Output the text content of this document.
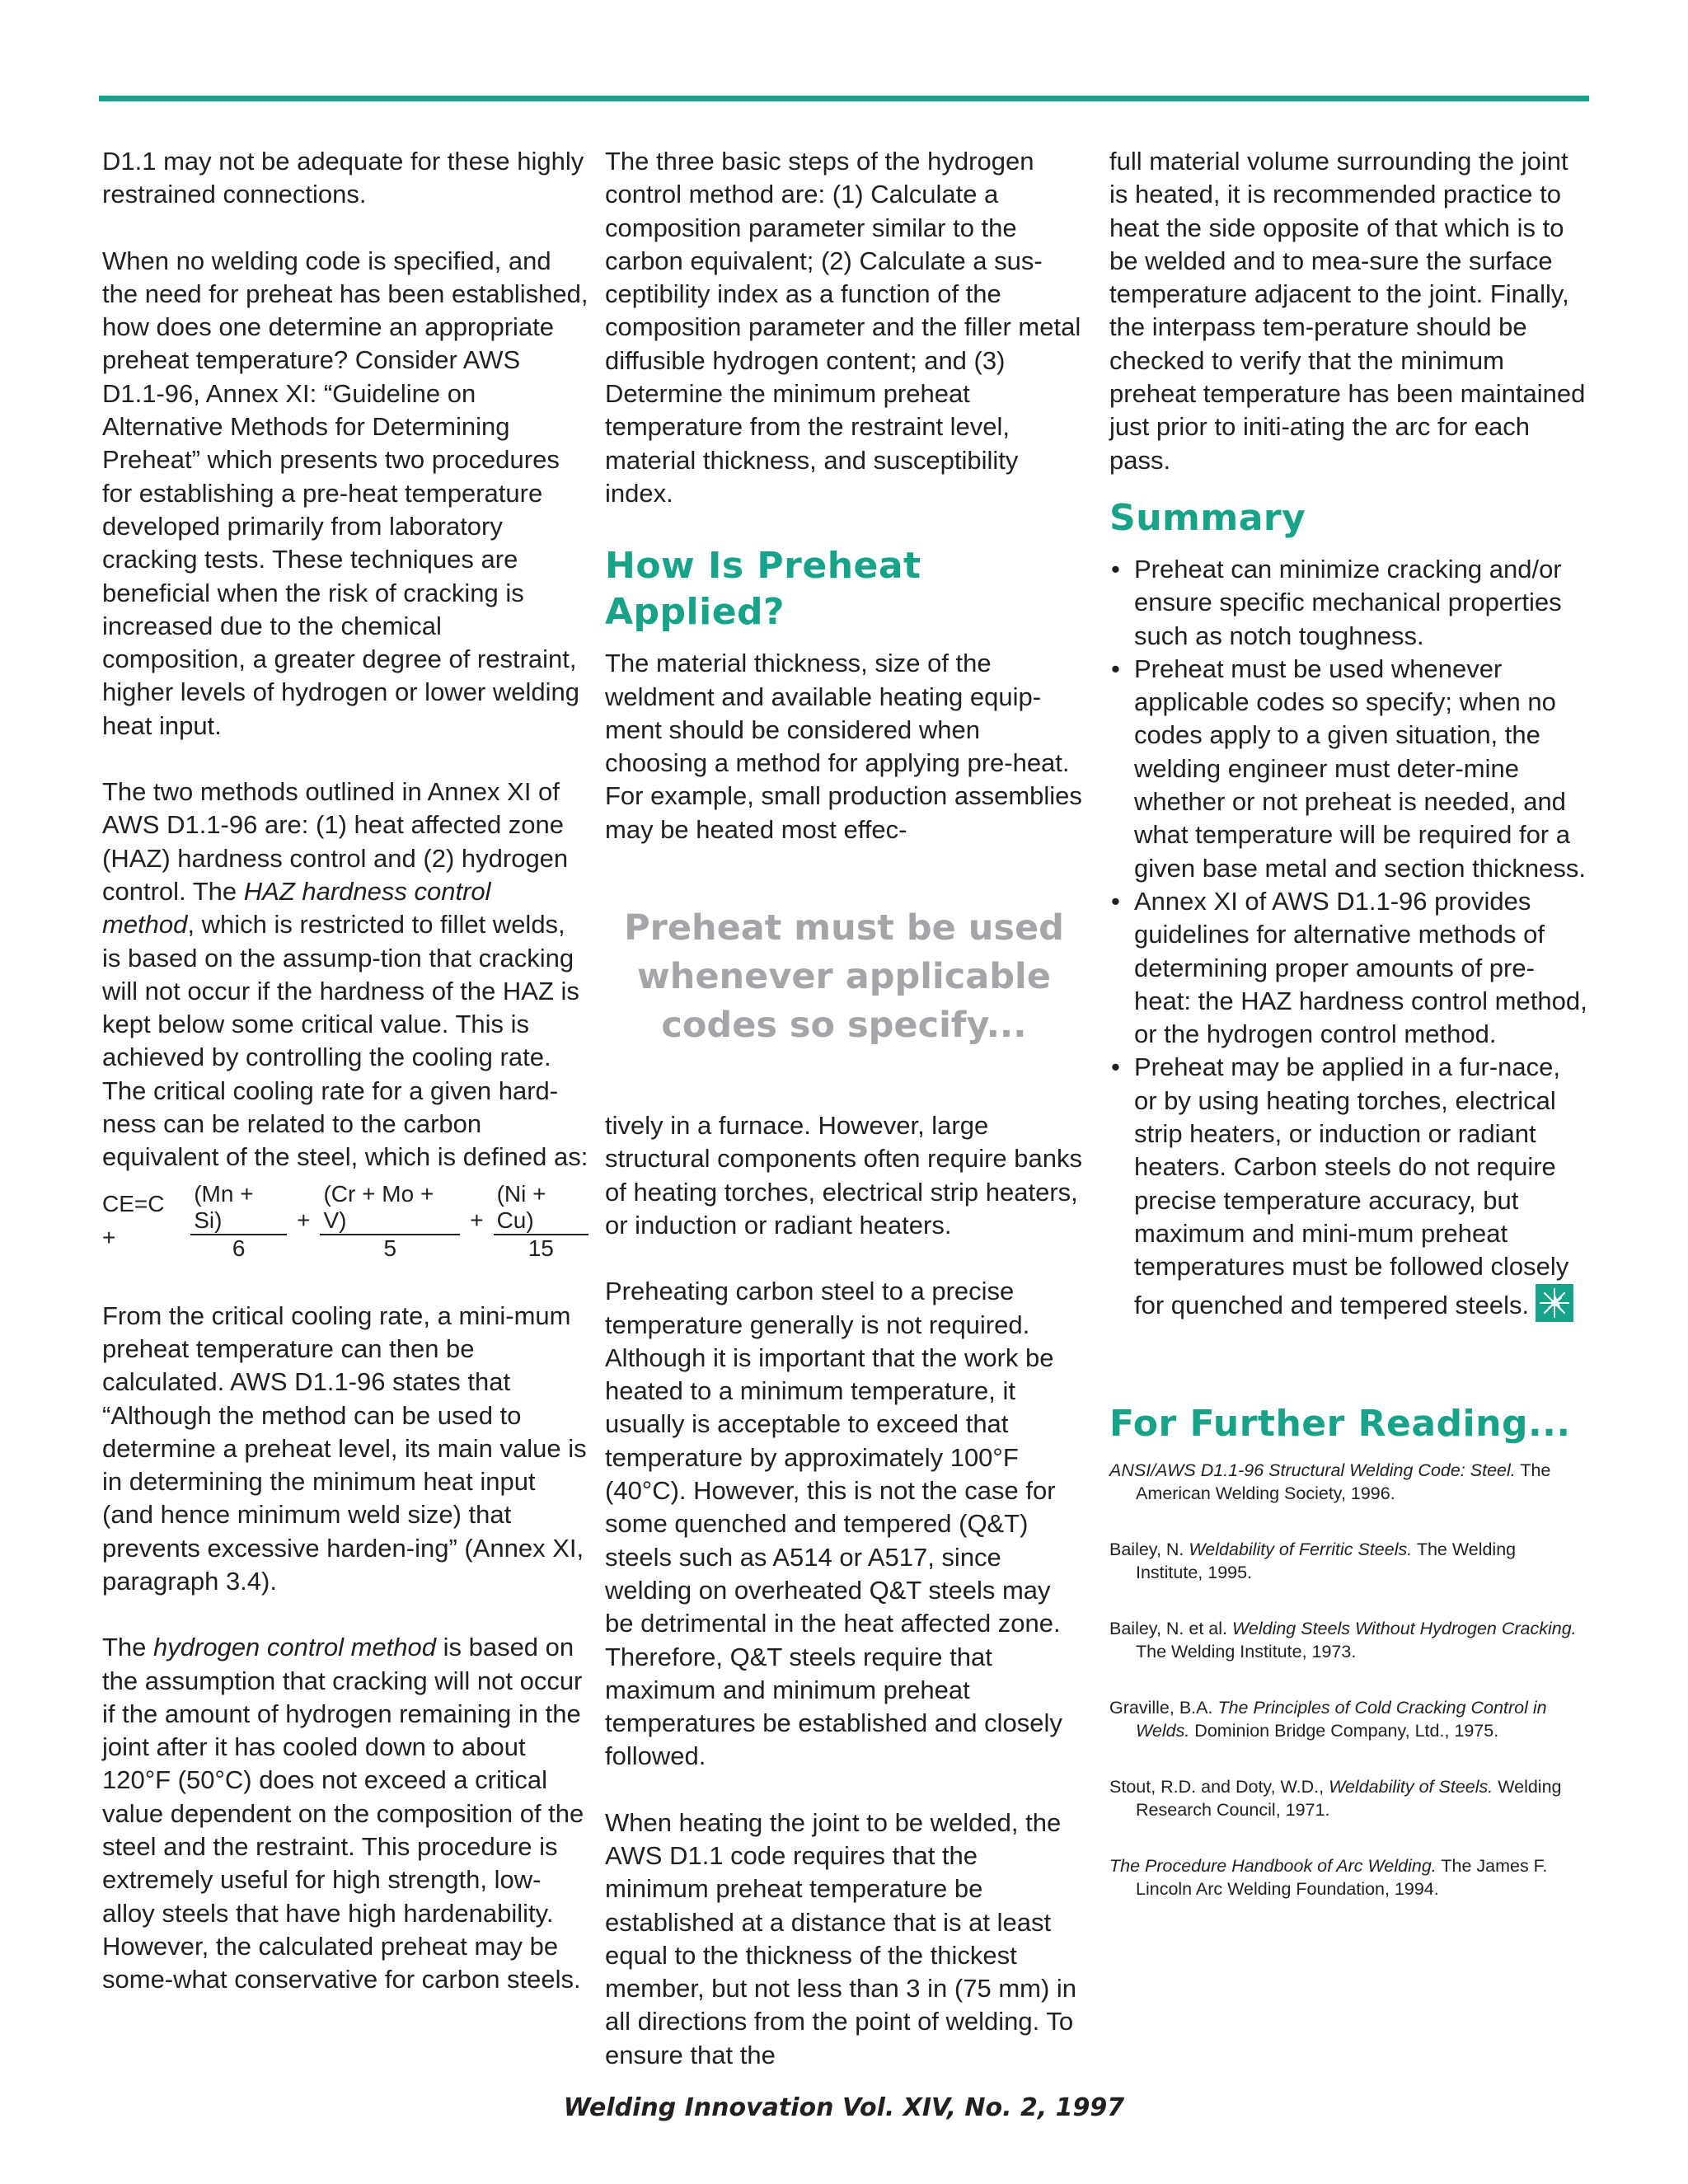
D1.1 may not be adequate for these highly restrained connections.

When no welding code is specified, and the need for preheat has been established, how does one determine an appropriate preheat temperature? Consider AWS D1.1-96, Annex XI: “Guideline on Alternative Methods for Determining Preheat” which presents two procedures for establishing a pre-heat temperature developed primarily from laboratory cracking tests. These techniques are beneficial when the risk of cracking is increased due to the chemical composition, a greater degree of restraint, higher levels of hydrogen or lower welding heat input.

The two methods outlined in Annex XI of AWS D1.1-96 are: (1) heat affected zone (HAZ) hardness control and (2) hydrogen control. The HAZ hardness control method, which is restricted to fillet welds, is based on the assump-tion that cracking will not occur if the hardness of the HAZ is kept below some critical value. This is achieved by controlling the cooling rate. The critical cooling rate for a given hard-ness can be related to the carbon equivalent of the steel, which is defined as:

CE=C +	$\frac{(Mn + Si)}{6} + \frac{(Cr + Mo + V)}{5} + \frac{(Ni + Cu)}{15}$

From the critical cooling rate, a mini-mum preheat temperature can then be calculated. AWS D1.1-96 states that “Although the method can be used to determine a preheat level, its main value is in determining the minimum heat input (and hence minimum weld size) that prevents excessive harden-ing” (Annex XI, paragraph 3.4).

The hydrogen control method is based on the assumption that cracking will not occur if the amount of hydrogen remaining in the joint after it has cooled down to about 120°F (50°C) does not exceed a critical value dependent on the composition of the steel and the restraint. This procedure is extremely useful for high strength, low-alloy steels that have high hardenability. However, the calculated preheat may be some-what conservative for carbon steels.

The three basic steps of the hydrogen control method are: (1) Calculate a composition parameter similar to the carbon equivalent; (2) Calculate a sus-ceptibility index as a function of the composition parameter and the filler metal diffusible hydrogen content; and (3) Determine the minimum preheat temperature from the restraint level, material thickness, and susceptibility index.

How Is Preheat Applied?

The material thickness, size of the weldment and available heating equip-ment should be considered when choosing a method for applying pre-heat. For example, small production assemblies may be heated most effec-

Preheat must be used whenever applicable codes so specify...

tively in a furnace. However, large structural components often require banks of heating torches, electrical strip heaters, or induction or radiant heaters.

Preheating carbon steel to a precise temperature generally is not required. Although it is important that the work be heated to a minimum temperature, it usually is acceptable to exceed that temperature by approximately 100°F (40°C). However, this is not the case for some quenched and tempered (Q&T) steels such as A514 or A517, since welding on overheated Q&T steels may be detrimental in the heat affected zone. Therefore, Q&T steels require that maximum and minimum preheat temperatures be established and closely followed.

When heating the joint to be welded, the AWS D1.1 code requires that the minimum preheat temperature be established at a distance that is at least equal to the thickness of the thickest member, but not less than 3 in (75 mm) in all directions from the point of welding. To ensure that the

full material volume surrounding the joint is heated, it is recommended practice to heat the side opposite of that which is to be welded and to mea-sure the surface temperature adjacent to the joint. Finally, the interpass tem-perature should be checked to verify that the minimum preheat temperature has been maintained just prior to initi-ating the arc for each pass.

Summary
• Preheat can minimize cracking and/or ensure specific mechanical properties such as notch toughness.
• Preheat must be used whenever applicable codes so specify; when no codes apply to a given situation, the welding engineer must deter-mine whether or not preheat is needed, and what temperature will be required for a given base metal and section thickness.
• Annex XI of AWS D1.1-96 provides guidelines for alternative methods of determining proper amounts of pre-heat: the HAZ hardness control method, or the hydrogen control method.
• Preheat may be applied in a fur-nace, or by using heating torches, electrical strip heaters, or induction or radiant heaters. Carbon steels do not require precise temperature accuracy, but maximum and mini-mum preheat temperatures must be followed closely for quenched and tempered steels.
For Further Reading...

ANSI/AWS D1.1-96 Structural Welding Code: Steel. The American Welding Society, 1996.

Bailey, N. Weldability of Ferritic Steels. The Welding Institute, 1995.

Bailey, N. et al. Welding Steels Without Hydrogen Cracking. The Welding Institute, 1973.

Graville, B.A. The Principles of Cold Cracking Control in Welds. Dominion Bridge Company, Ltd., 1975.

Stout, R.D. and Doty, W.D., Weldability of Steels. Welding Research Council, 1971.

The Procedure Handbook of Arc Welding. The James F. Lincoln Arc Welding Foundation, 1994.

Welding Innovation Vol. XIV, No. 2, 1997
